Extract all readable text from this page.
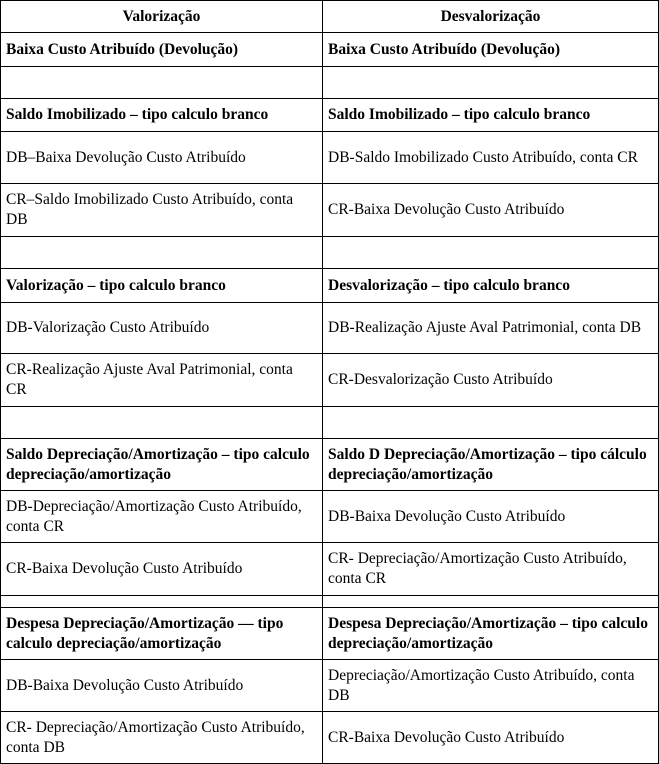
Valorização	Desvalorização
Baixa Custo Atribuído (Devolução)	Baixa Custo Atribuído (Devolução)

Saldo Imobilizado – tipo calculo branco	Saldo Imobilizado – tipo calculo branco
DB–Baixa Devolução Custo Atribuído	DB-Saldo Imobilizado Custo Atribuído, conta CR
CR–Saldo Imobilizado Custo Atribuído, conta DB	CR-Baixa Devolução Custo Atribuído

Valorização – tipo calculo branco	Desvalorização – tipo calculo branco
DB-Valorização Custo Atribuído	DB-Realização Ajuste Aval Patrimonial, conta DB
CR-Realização Ajuste Aval Patrimonial, conta CR	CR-Desvalorização Custo Atribuído

Saldo Depreciação/Amortização – tipo calculo depreciação/amortização	Saldo D Depreciação/Amortização – tipo cálculo depreciação/amortização
DB-Depreciação/Amortização Custo Atribuído, conta CR	DB-Baixa Devolução Custo Atribuído
CR-Baixa Devolução Custo Atribuído	CR- Depreciação/Amortização Custo Atribuído, conta CR

Despesa Depreciação/Amortização — tipo calculo depreciação/amortização	Despesa Depreciação/Amortização – tipo calculo depreciação/amortização
DB-Baixa Devolução Custo Atribuído	Depreciação/Amortização Custo Atribuído, conta DB
CR- Depreciação/Amortização Custo Atribuído, conta DB	CR-Baixa Devolução Custo Atribuído
